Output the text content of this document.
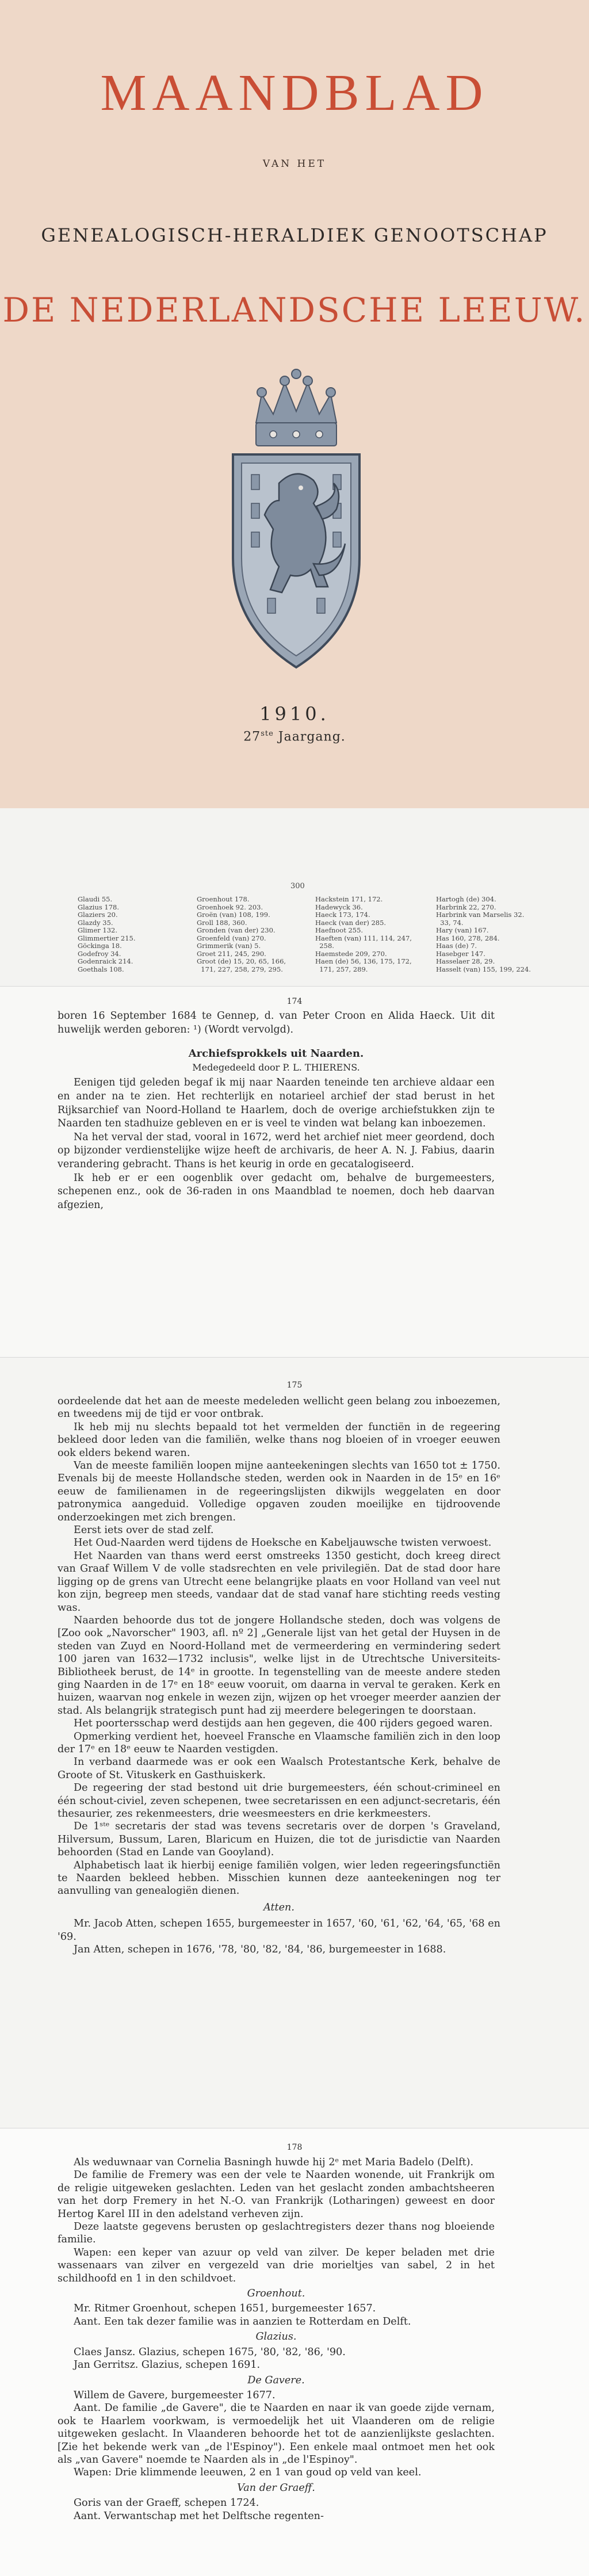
MAANDBLAD
VAN HET
GENEALOGISCH-HERALDIEK GENOOTSCHAP
DE NEDERLANDSCHE LEEUW.
1910.
27ste Jaargang.
300
Glaudi 55.
Glazius 178.
Glaziers 20.
Glazdy 35.
Glimer 132.
Glimmertier 215.
Göckinga 18.
Godefroy 34.
Godenraick 214.
Goethals 108.
Groenhout 178.
Groenhoek 92. 203.
Groën (van) 108, 199.
Groll 188, 360.
Gronden (van der) 230.
Groenfeld (van) 270.
Grimmerik (van) 5.
Groet 211, 245, 290.
Groot (de) 15, 20, 65, 166,
171, 227, 258, 279, 295.
Hackstein 171, 172.
Hadewyck 36.
Haeck 173, 174.
Haeck (van der) 285.
Haefnoot 255.
Haeften (van) 111, 114, 247,
258.
Haemstede 209, 270.
Haen (de) 56, 136, 175, 172,
171, 257, 289.
Hartogh (de) 304.
Harbrink 22, 270.
Harbrink van Marselis 32.
33, 74.
Hary (van) 167.
Has 160, 278, 284.
Haas (de) 7.
Hasebger 147.
Hasselaer 28, 29.
Hasselt (van) 155, 199, 224.
174

boren 16 September 1684 te Gennep, d. van Peter Croon en Alida Haeck. Uit dit huwelijk werden geboren: ¹) (Wordt vervolgd).

Archiefsprokkels uit Naarden.
Medegedeeld door P. L. THIERENS.

Eenigen tijd geleden begaf ik mij naar Naarden teneinde ten archieve aldaar een en ander na te zien. Het rechterlijk en notarieel archief der stad berust in het Rijksarchief van Noord-Holland te Haarlem, doch de overige archiefstukken zijn te Naarden ten stadhuize gebleven en er is veel te vinden wat belang kan inboezemen.

Na het verval der stad, vooral in 1672, werd het archief niet meer geordend, doch op bijzonder verdienstelijke wijze heeft de archivaris, de heer A. N. J. Fabius, daarin verandering gebracht. Thans is het keurig in orde en gecatalogiseerd.

Ik heb er er een oogenblik over gedacht om, behalve de burgemeesters, schepenen enz., ook de 36-raden in ons Maandblad te noemen, doch heb daarvan afgezien,

175

oordeelende dat het aan de meeste medeleden wellicht geen belang zou inboezemen, en tweedens mij de tijd er voor ontbrak.

Ik heb mij nu slechts bepaald tot het vermelden der functiën in de regeering bekleed door leden van die familiën, welke thans nog bloeien of in vroeger eeuwen ook elders bekend waren.

Van de meeste familiën loopen mijne aanteekeningen slechts van 1650 tot ± 1750. Evenals bij de meeste Hollandsche steden, werden ook in Naarden in de 15ᵉ en 16ᵉ eeuw de familienamen in de regeeringslijsten dikwijls weggelaten en door patronymica aangeduid. Volledige opgaven zouden moeilijke en tijdroovende onderzoekingen met zich brengen.

Eerst iets over de stad zelf.

Het Oud-Naarden werd tijdens de Hoeksche en Kabeljauwsche twisten verwoest.

Het Naarden van thans werd eerst omstreeks 1350 gesticht, doch kreeg direct van Graaf Willem V de volle stadsrechten en vele privilegiën. Dat de stad door hare ligging op de grens van Utrecht eene belangrijke plaats en voor Holland van veel nut kon zijn, begreep men steeds, vandaar dat de stad vanaf hare stichting reeds vesting was.

Naarden behoorde dus tot de jongere Hollandsche steden, doch was volgens de [Zoo ook „Navorscher" 1903, afl. nº 2] „Generale lijst van het getal der Huysen in de steden van Zuyd en Noord-Holland met de vermeerdering en vermindering sedert 100 jaren van 1632—1732 inclusis", welke lijst in de Utrechtsche Universiteits-Bibliotheek berust, de 14ᵉ in grootte. In tegenstelling van de meeste andere steden ging Naarden in de 17ᵉ en 18ᵉ eeuw vooruit, om daarna in verval te geraken. Kerk en huizen, waarvan nog enkele in wezen zijn, wijzen op het vroeger meerder aanzien der stad. Als belangrijk strategisch punt had zij meerdere belegeringen te doorstaan.

Het poortersschap werd destijds aan hen gegeven, die 400 rijders gegoed waren.

Opmerking verdient het, hoeveel Fransche en Vlaamsche familiën zich in den loop der 17ᵉ en 18ᵉ eeuw te Naarden vestigden.

In verband daarmede was er ook een Waalsch Protestantsche Kerk, behalve de Groote of St. Vituskerk en Gasthuiskerk.

De regeering der stad bestond uit drie burgemeesters, één schout-crimineel en één schout-civiel, zeven schepenen, twee secretarissen en een adjunct-secretaris, één thesaurier, zes rekenmeesters, drie weesmeesters en drie kerkmeesters.

De 1ˢᵗᵉ secretaris der stad was tevens secretaris over de dorpen 's Graveland, Hilversum, Bussum, Laren, Blaricum en Huizen, die tot de jurisdictie van Naarden behoorden (Stad en Lande van Gooyland).

Alphabetisch laat ik hierbij eenige familiën volgen, wier leden regeeringsfunctiën te Naarden bekleed hebben. Misschien kunnen deze aanteekeningen nog ter aanvulling van genealogiën dienen.

Atten.

Mr. Jacob Atten, schepen 1655, burgemeester in 1657, '60, '61, '62, '64, '65, '68 en '69.

Jan Atten, schepen in 1676, '78, '80, '82, '84, '86, burgemeester in 1688.

178

Als weduwnaar van Cornelia Basningh huwde hij 2ᵉ met Maria Badelo (Delft).

De familie de Fremery was een der vele te Naarden wonende, uit Frankrijk om de religie uitgeweken geslachten. Leden van het geslacht zonden ambachtsheeren van het dorp Fremery in het N.-O. van Frankrijk (Lotharingen) geweest en door Hertog Karel III in den adelstand verheven zijn.

Deze laatste gegevens berusten op geslachtregisters dezer thans nog bloeiende familie.

Wapen: een keper van azuur op veld van zilver. De keper beladen met drie wassenaars van zilver en vergezeld van drie morieltjes van sabel, 2 in het schildhoofd en 1 in den schildvoet.

Groenhout.

Mr. Ritmer Groenhout, schepen 1651, burgemeester 1657.

Aant. Een tak dezer familie was in aanzien te Rotterdam en Delft.

Glazius.

Claes Jansz. Glazius, schepen 1675, '80, '82, '86, '90.

Jan Gerritsz. Glazius, schepen 1691.

De Gavere.

Willem de Gavere, burgemeester 1677.

Aant. De familie „de Gavere", die te Naarden en naar ik van goede zijde vernam, ook te Haarlem voorkwam, is vermoedelijk het uit Vlaanderen om de religie uitgeweken geslacht. In Vlaanderen behoorde het tot de aanzienlijkste geslachten. [Zie het bekende werk van „de l'Espinoy"). Een enkele maal ontmoet men het ook als „van Gavere" noemde te Naarden als in „de l'Espinoy".

Wapen: Drie klimmende leeuwen, 2 en 1 van goud op veld van keel.

Van der Graeff.

Goris van der Graeff, schepen 1724.

Aant. Verwantschap met het Delftsche regenten-
